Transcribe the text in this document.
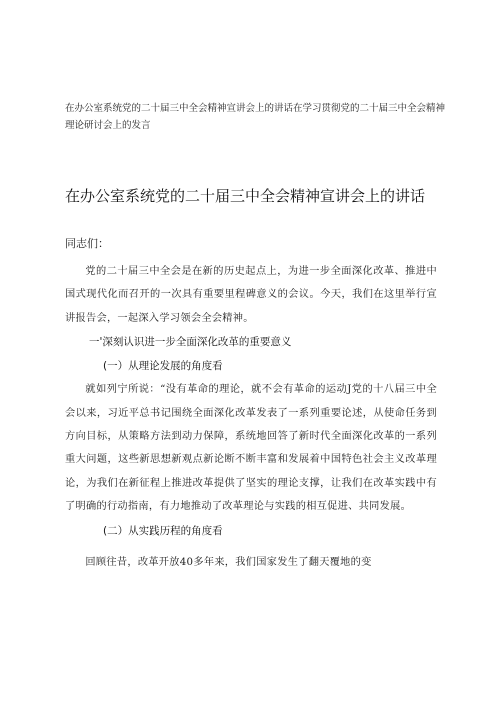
在办公室系统党的二十届三中全会精神宣讲会上的讲话在学习贯彻党的二十届三中全会精神理论研讨会上的发言
在办公室系统党的二十届三中全会精神宣讲会上的讲话
同志们：

党的二十届三中全会是在新的历史起点上，为进一步全面深化改革、推进中国式现代化而召开的一次具有重要里程碑意义的会议。今天，我们在这里举行宣讲报告会，一起深入学习领会全会精神。

一'深刻认识进一步全面深化改革的重要意义

(一）从理论发展的角度看

就如列宁所说：“没有革命的理论，就不会有革命的运动J党的十八届三中全会以来，习近平总书记围绕全面深化改革发表了一系列重要论述，从使命任务到方向目标，从策略方法到动力保障，系统地回答了新时代全面深化改革的一系列重大问题，这些新思想新观点新论断不断丰富和发展着中国特色社会主义改革理论，为我们在新征程上推进改革提供了坚实的理论支撑，让我们在改革实践中有了明确的行动指南，有力地推动了改革理论与实践的相互促进、共同发展。

(二）从实践历程的角度看

回顾往昔，改革开放40多年来，我们国家发生了翻天覆地的变
